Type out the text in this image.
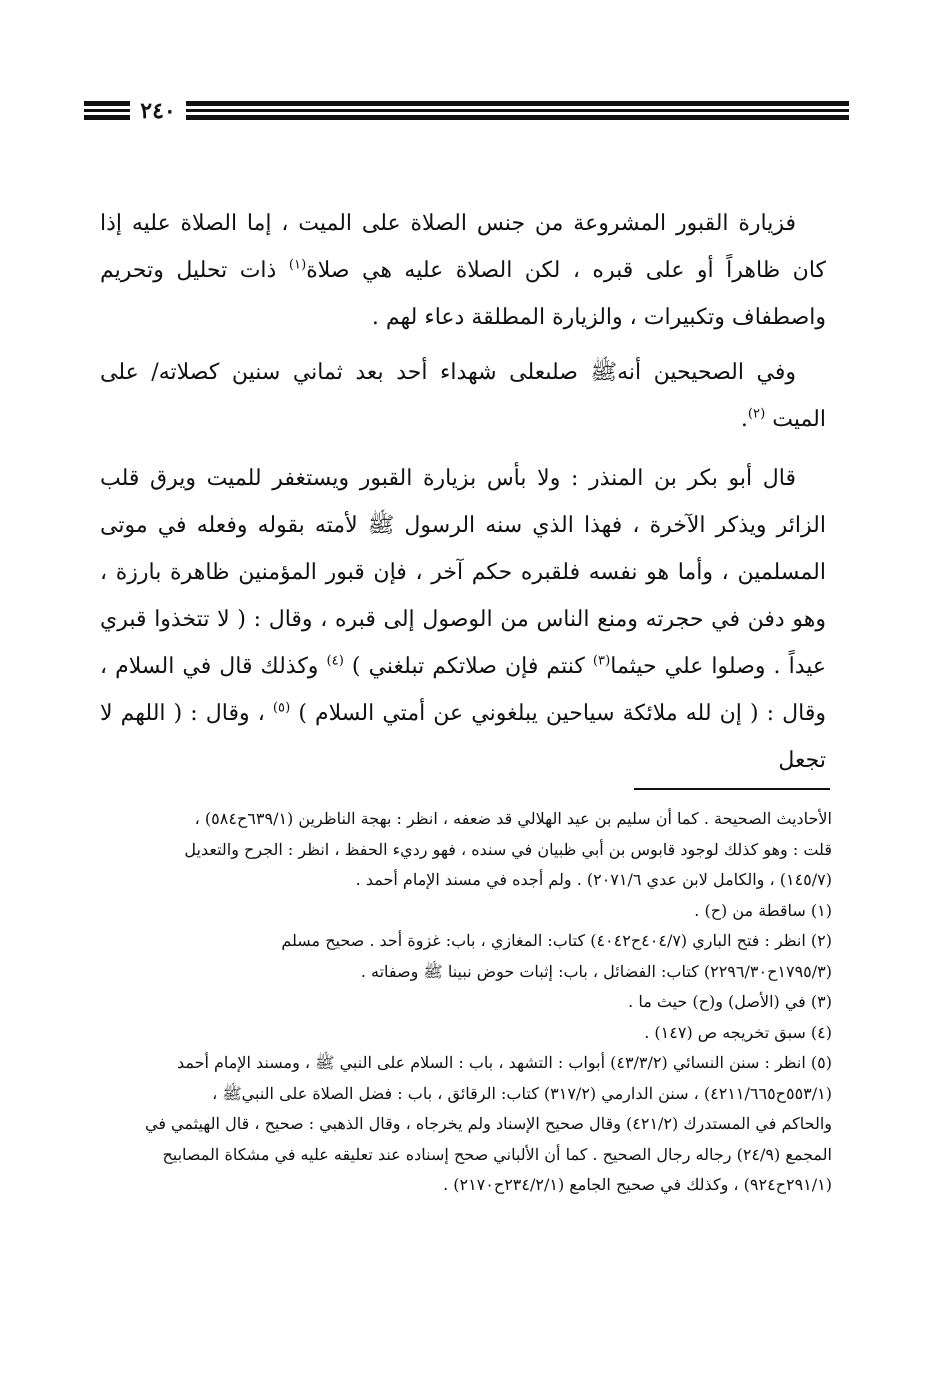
٢٤٠

فزيارة القبور المشروعة من جنس الصلاة على الميت ، إما الصلاة عليه إذا كان ظاهراً أو على قبره ، لكن الصلاة عليه هي صلاة$^{(١)}$ ذات تحليل وتحريم واصطفاف وتكبيرات ، والزيارة المطلقة دعاء لهم .

وفي الصحيحين أنهﷺ صلىعلى شهداء أحد بعد ثماني سنين كصلاته/ على الميت $^{(٢)}$.

قال أبو بكر بن المنذر : ولا بأس بزيارة القبور ويستغفر للميت ويرق قلب الزائر ويذكر الآخرة ، فهذا الذي سنه الرسول ﷺ لأمته بقوله وفعله في موتى المسلمين ، وأما هو نفسه فلقبره حكم آخر ، فإن قبور المؤمنين ظاهرة بارزة ، وهو دفن في حجرته ومنع الناس من الوصول إلى قبره ، وقال : ( لا تتخذوا قبري عيداً . وصلوا علي حيثما$^{(٣)}$ كنتم فإن صلاتكم تبلغني ) $^{(٤)}$ وكذلك قال في السلام ، وقال : ( إن لله ملائكة سياحين يبلغوني عن أمتي السلام ) $^{(٥)}$ ، وقال : ( اللهم لا تجعل

الأحاديث الصحيحة . كما أن سليم بن عيد الهلالي قد ضعفه ، انظر : بهجة الناظرين (٦٣٩/١ح٥٨٤) ،

قلت : وهو كذلك لوجود قابوس بن أبي ظبيان في سنده ، فهو رديء الحفظ ، انظر : الجرح والتعديل

(١٤٥/٧) ، والكامل لابن عدي ٢٠٧١/٦) . ولم أجده في مسند الإمام أحمد .

(١) ساقطة من (ح) .

(٢) انظر : فتح الباري (٤٠٤/٧ح٤٠٤٢) كتاب: المغازي ، باب: غزوة أحد . صحيح مسلم

(١٧٩٥/٣ح٢٢٩٦/٣٠) كتاب: الفضائل ، باب: إثبات حوض نبينا ﷺ وصفاته .

(٣) في (الأصل) و(ح) حيث ما .

(٤) سبق تخريجه ص (١٤٧) .

(٥) انظر : سنن النسائي (٤٣/٣/٢) أبواب : التشهد ، باب : السلام على النبي ﷺ ، ومسند الإمام أحمد

(٥٥٣/١ح٤٢١١/٦٦٥) ، سنن الدارمي (٣١٧/٢) كتاب: الرقائق ، باب : فضل الصلاة على النبيﷺ ،

والحاكم في المستدرك (٤٢١/٢) وقال صحيح الإسناد ولم يخرجاه ، وقال الذهبي : صحيح ، قال الهيثمي في

المجمع (٢٤/٩) رجاله رجال الصحيح . كما أن الألباني صحح إسناده عند تعليقه عليه في مشكاة المصابيح

(٢٩١/١ح٩٢٤) ، وكذلك في صحيح الجامع (٢٣٤/٢/١ح٢١٧٠) .
